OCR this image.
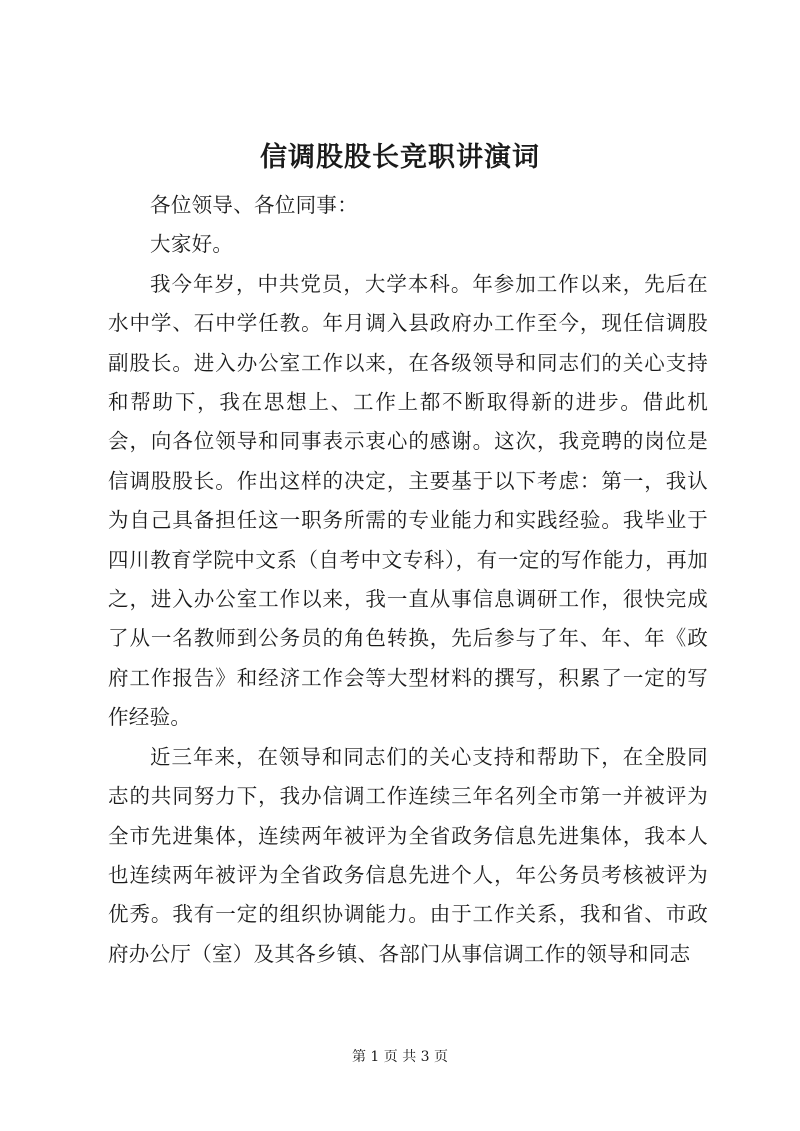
信调股股长竞职讲演词

各位领导、各位同事：

大家好。

我今年岁，中共党员，大学本科。年参加工作以来，先后在水中学、石中学任教。年月调入县政府办工作至今，现任信调股副股长。进入办公室工作以来，在各级领导和同志们的关心支持和帮助下，我在思想上、工作上都不断取得新的进步。借此机会，向各位领导和同事表示衷心的感谢。这次，我竞聘的岗位是信调股股长。作出这样的决定，主要基于以下考虑：第一，我认为自己具备担任这一职务所需的专业能力和实践经验。我毕业于四川教育学院中文系（自考中文专科），有一定的写作能力，再加之，进入办公室工作以来，我一直从事信息调研工作，很快完成了从一名教师到公务员的角色转换，先后参与了年、年、年《政府工作报告》和经济工作会等大型材料的撰写，积累了一定的写作经验。

近三年来，在领导和同志们的关心支持和帮助下，在全股同志的共同努力下，我办信调工作连续三年名列全市第一并被评为全市先进集体，连续两年被评为全省政务信息先进集体，我本人也连续两年被评为全省政务信息先进个人，年公务员考核被评为优秀。我有一定的组织协调能力。由于工作关系，我和省、市政府办公厅（室）及其各乡镇、各部门从事信调工作的领导和同志

第 1 页 共 3 页
